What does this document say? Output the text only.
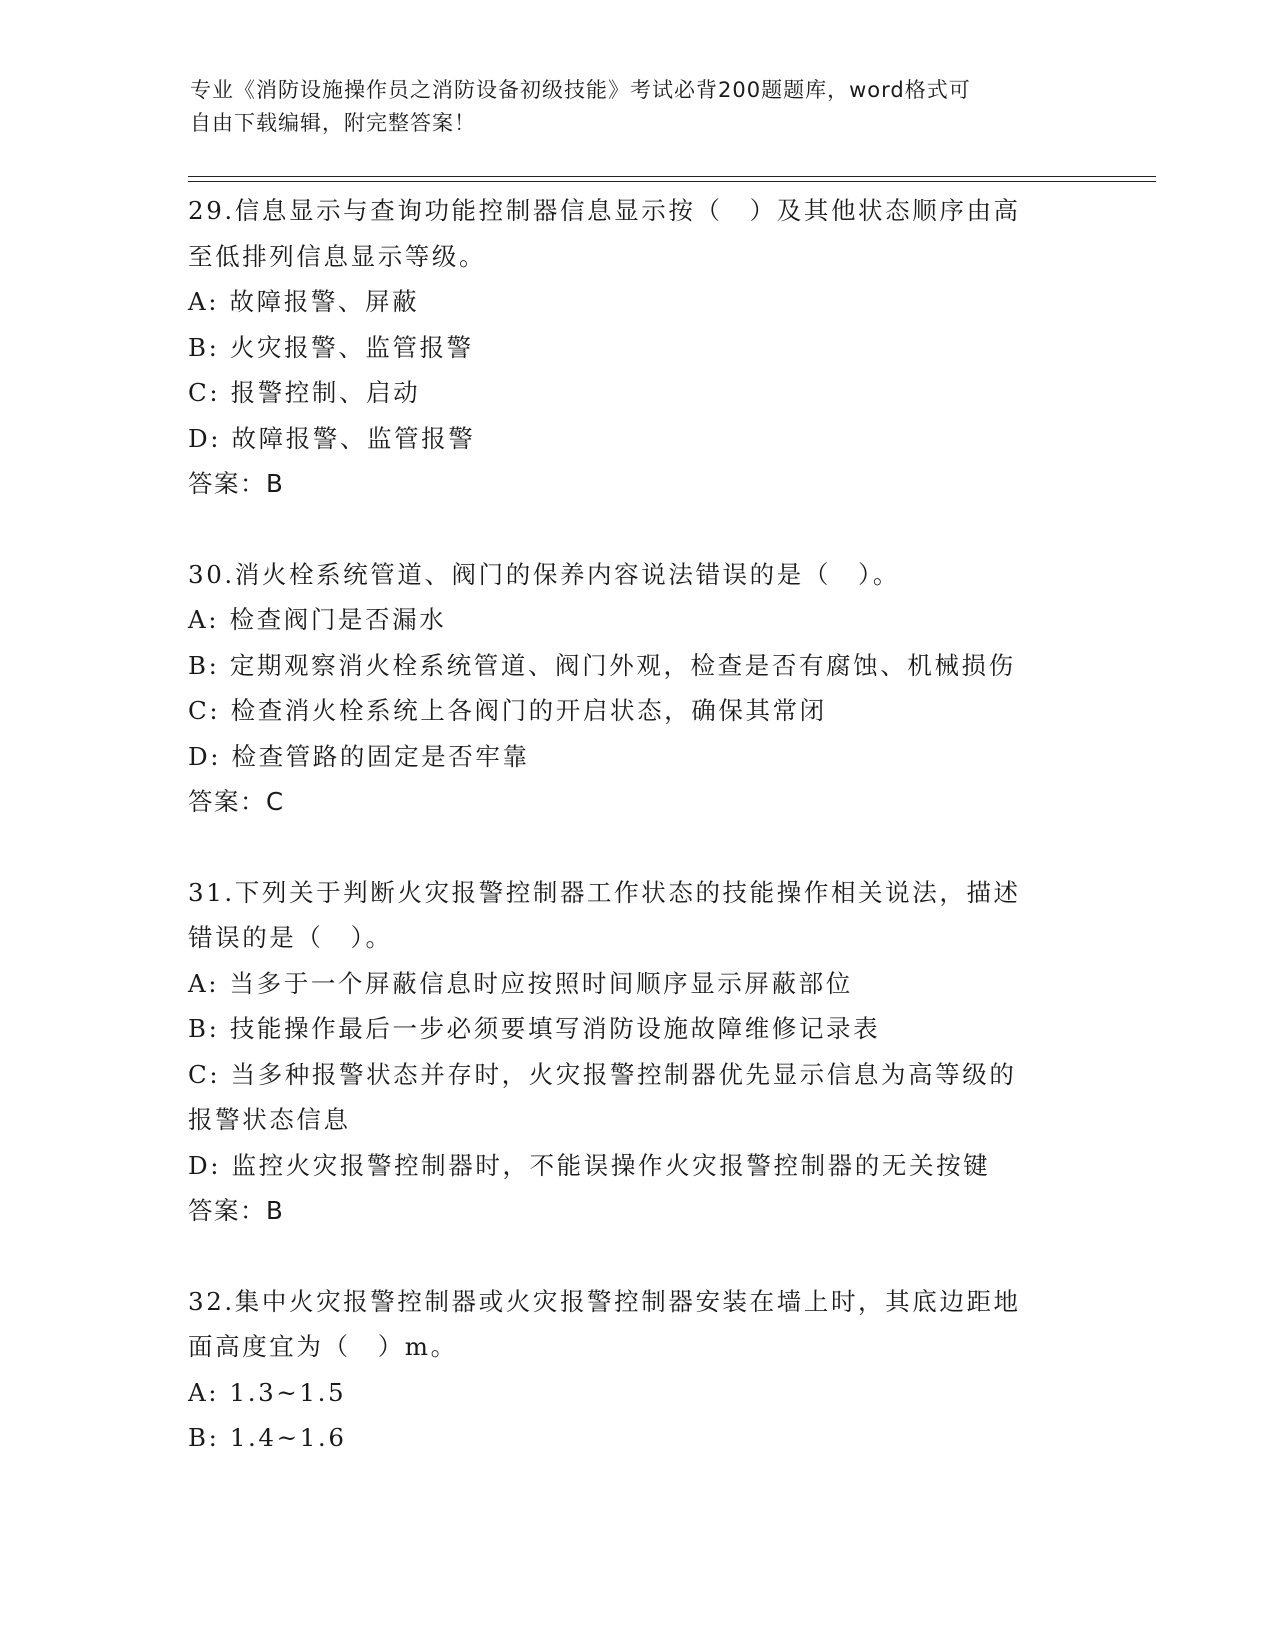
专业《消防设施操作员之消防设备初级技能》考试必背200题题库，word格式可
自由下载编辑，附完整答案！
29.信息显示与查询功能控制器信息显示按（　）及其他状态顺序由高
至低排列信息显示等级。
A: 故障报警、屏蔽
B: 火灾报警、监管报警
C: 报警控制、启动
D: 故障报警、监管报警
答案：B
30.消火栓系统管道、阀门的保养内容说法错误的是（　）。
A: 检查阀门是否漏水
B: 定期观察消火栓系统管道、阀门外观，检查是否有腐蚀、机械损伤
C: 检查消火栓系统上各阀门的开启状态，确保其常闭
D: 检查管路的固定是否牢靠
答案：C
31.下列关于判断火灾报警控制器工作状态的技能操作相关说法，描述
错误的是（　）。
A: 当多于一个屏蔽信息时应按照时间顺序显示屏蔽部位
B: 技能操作最后一步必须要填写消防设施故障维修记录表
C: 当多种报警状态并存时，火灾报警控制器优先显示信息为高等级的
报警状态信息
D: 监控火灾报警控制器时，不能误操作火灾报警控制器的无关按键
答案：B
32.集中火灾报警控制器或火灾报警控制器安装在墙上时，其底边距地
面高度宜为（　）m。
A: 1.3~1.5
B: 1.4~1.6
